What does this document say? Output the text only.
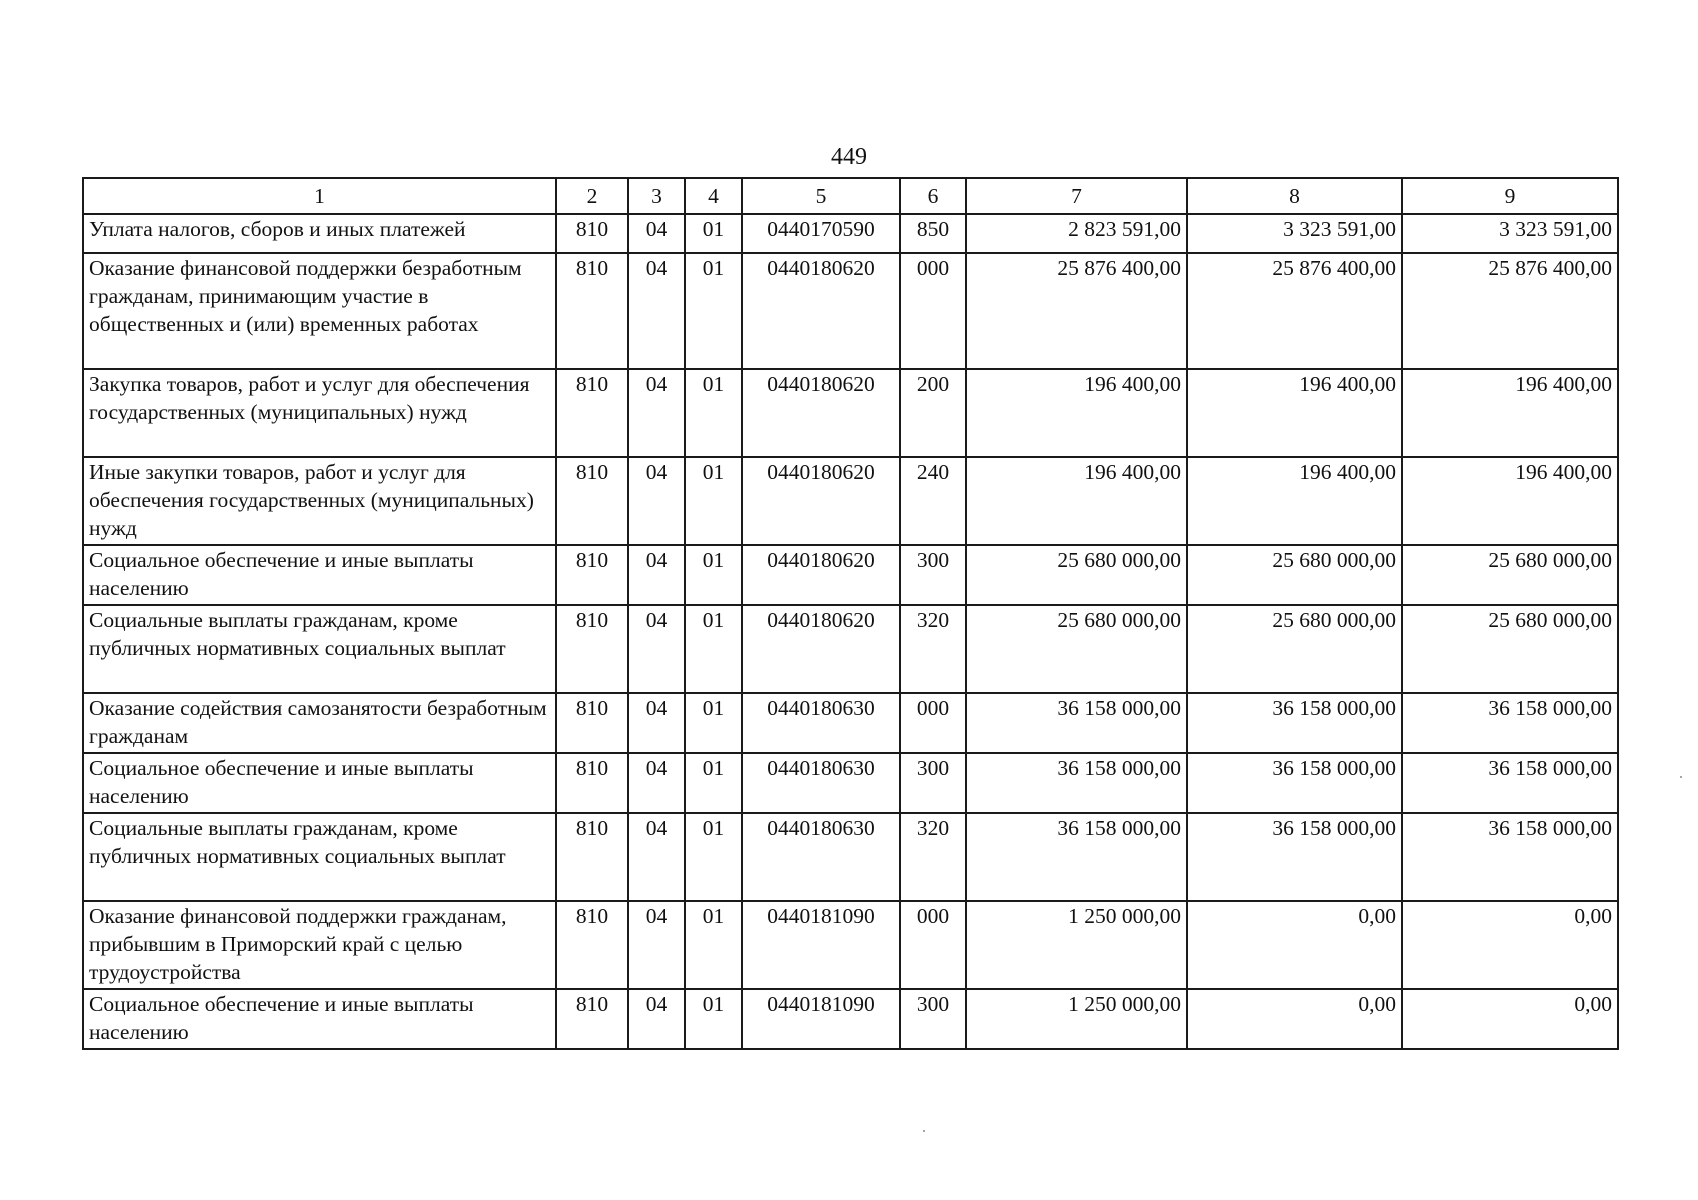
449
1	2	3	4	5	6	7	8	9
Уплата налогов, сборов и иных платежей	810	04	01	0440170590	850	2 823 591,00	3 323 591,00	3 323 591,00
Оказание финансовой поддержки безработным гражданам, принимающим участие в общественных и (или) временных работах	810	04	01	0440180620	000	25 876 400,00	25 876 400,00	25 876 400,00
Закупка товаров, работ и услуг для обеспечения государственных (муниципальных) нужд	810	04	01	0440180620	200	196 400,00	196 400,00	196 400,00
Иные закупки товаров, работ и услуг для обеспечения государственных (муниципальных) нужд	810	04	01	0440180620	240	196 400,00	196 400,00	196 400,00
Социальное обеспечение и иные выплаты населению	810	04	01	0440180620	300	25 680 000,00	25 680 000,00	25 680 000,00
Социальные выплаты гражданам, кроме публичных нормативных социальных выплат	810	04	01	0440180620	320	25 680 000,00	25 680 000,00	25 680 000,00
Оказание содействия самозанятости безработным гражданам	810	04	01	0440180630	000	36 158 000,00	36 158 000,00	36 158 000,00
Социальное обеспечение и иные выплаты населению	810	04	01	0440180630	300	36 158 000,00	36 158 000,00	36 158 000,00
Социальные выплаты гражданам, кроме публичных нормативных социальных выплат	810	04	01	0440180630	320	36 158 000,00	36 158 000,00	36 158 000,00
Оказание финансовой поддержки гражданам, прибывшим в Приморский край с целью трудоустройства	810	04	01	0440181090	000	1 250 000,00	0,00	0,00
Социальное обеспечение и иные выплаты населению	810	04	01	0440181090	300	1 250 000,00	0,00	0,00
